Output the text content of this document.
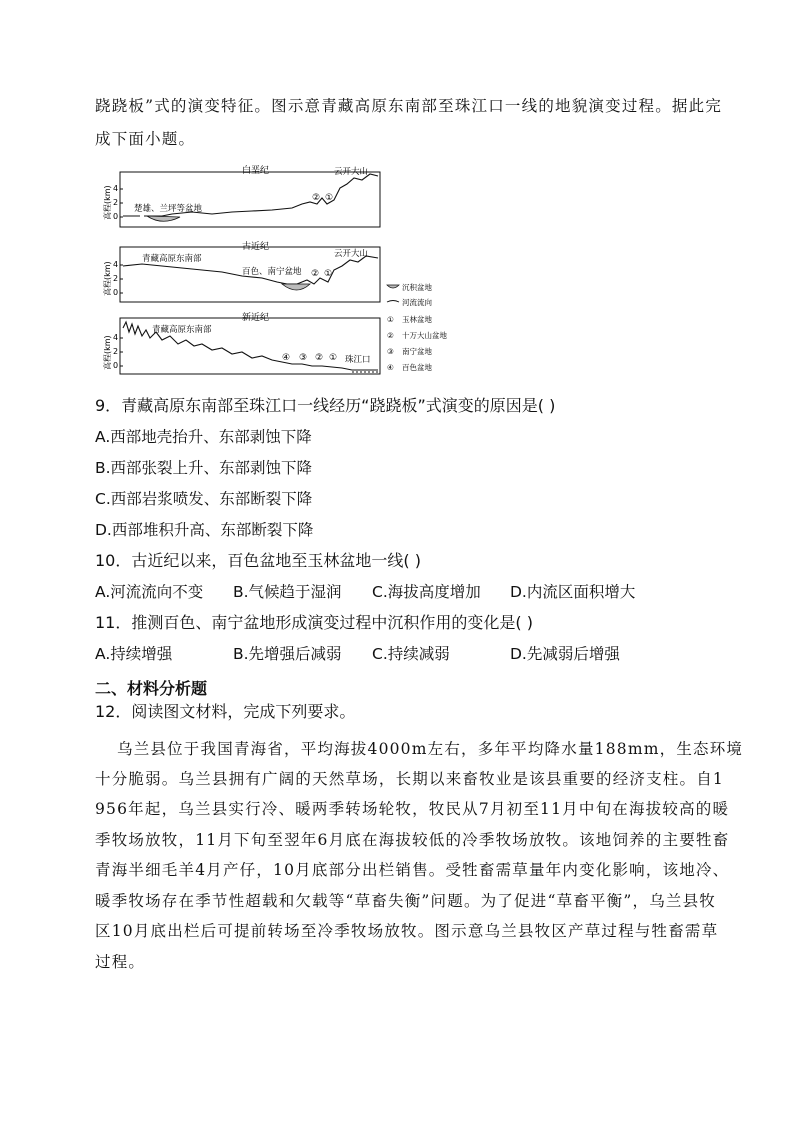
跷跷板”式的演变特征。图示意青藏高原东南部至珠江口一线的地貌演变过程。据此完
成下面小题。
白垩纪
高程(km) 4
2
0
楚雄、兰坪等盆地
云开大山
② ①
古近纪
高程(km) 4
2
0
青藏高原东南部
百色、南宁盆地
云开大山
② ①
新近纪
高程(km) 4
2
0
青藏高原东南部
珠江口
④ ③ ② ①
沉积盆地
河流流向
① 玉林盆地
② 十万大山盆地
③ 南宁盆地
④ 百色盆地
9．青藏高原东南部至珠江口一线经历“跷跷板”式演变的原因是( )
A.西部地壳抬升、东部剥蚀下降
B.西部张裂上升、东部剥蚀下降
C.西部岩浆喷发、东部断裂下降
D.西部堆积升高、东部断裂下降
10．古近纪以来，百色盆地至玉林盆地一线( )
A.河流流向不变 B.气候趋于湿润 C.海拔高度增加 D.内流区面积增大
11．推测百色、南宁盆地形成演变过程中沉积作用的变化是( )
A.持续增强	B.先增强后减弱 C.持续减弱	D.先减弱后增强
二、材料分析题
12．阅读图文材料，完成下列要求。
乌兰县位于我国青海省，平均海拔4000m左右，多年平均降水量188mm，生态环境
十分脆弱。乌兰县拥有广阔的天然草场，长期以来畜牧业是该县重要的经济支柱。自1
956年起，乌兰县实行冷、暖两季转场轮牧，牧民从7月初至11月中旬在海拔较高的暖
季牧场放牧，11月下旬至翌年6月底在海拔较低的冷季牧场放牧。该地饲养的主要牲畜
青海半细毛羊4月产仔，10月底部分出栏销售。受牲畜需草量年内变化影响，该地冷、
暖季牧场存在季节性超载和欠载等“草畜失衡”问题。为了促进“草畜平衡”，乌兰县牧
区10月底出栏后可提前转场至冷季牧场放牧。图示意乌兰县牧区产草过程与牲畜需草
过程。
